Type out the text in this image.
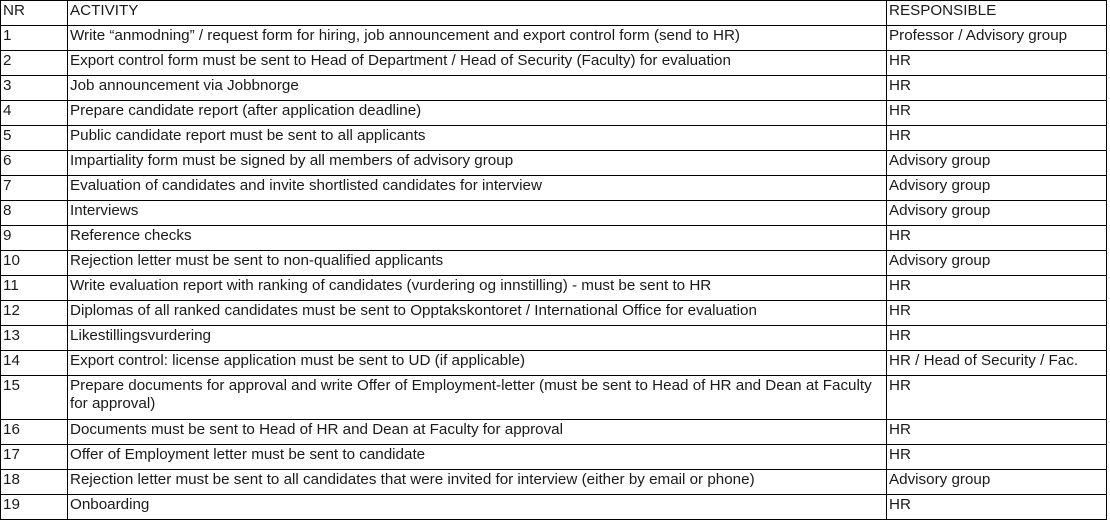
NR	ACTIVITY	RESPONSIBLE
1	Write “anmodning” / request form for hiring, job announcement and export control form (send to HR)	Professor / Advisory group
2	Export control form must be sent to Head of Department / Head of Security (Faculty) for evaluation	HR
3	Job announcement via Jobbnorge	HR
4	Prepare candidate report (after application deadline)	HR
5	Public candidate report must be sent to all applicants	HR
6	Impartiality form must be signed by all members of advisory group	Advisory group
7	Evaluation of candidates and invite shortlisted candidates for interview	Advisory group
8	Interviews	Advisory group
9	Reference checks	HR
10	Rejection letter must be sent to non-qualified applicants	Advisory group
11	Write evaluation report with ranking of candidates (vurdering og innstilling) - must be sent to HR	HR
12	Diplomas of all ranked candidates must be sent to Opptakskontoret / International Office for evaluation	HR
13	Likestillingsvurdering	HR
14	Export control: license application must be sent to UD (if applicable)	HR / Head of Security / Fac.
15	Prepare documents for approval and write Offer of Employment-letter (must be sent to Head of HR and Dean at Faculty for approval)	HR
16	Documents must be sent to Head of HR and Dean at Faculty for approval	HR
17	Offer of Employment letter must be sent to candidate	HR
18	Rejection letter must be sent to all candidates that were invited for interview (either by email or phone)	Advisory group
19	Onboarding	HR
